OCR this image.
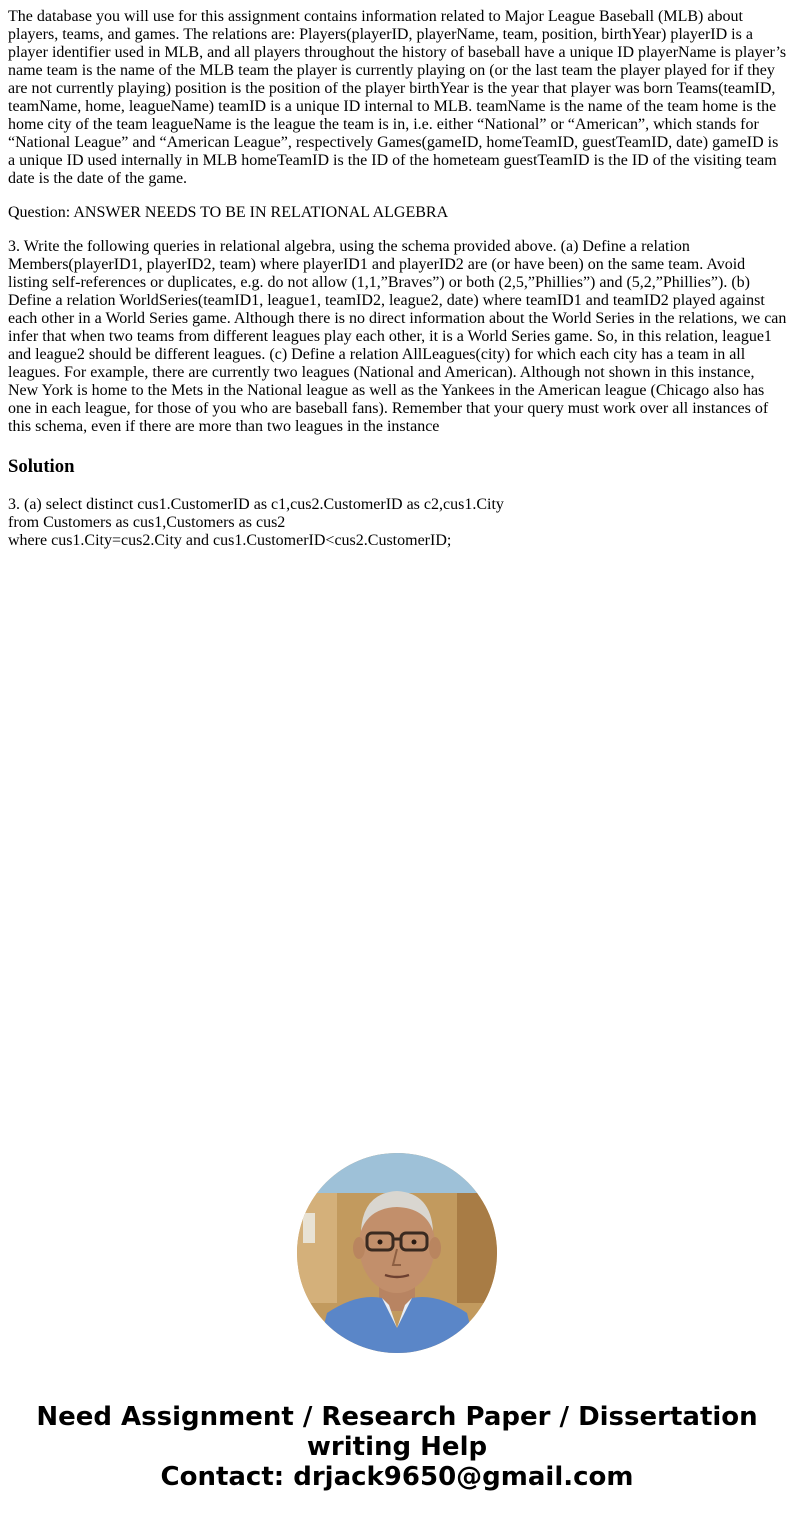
The database you will use for this assignment contains information related to Major League Baseball (MLB) about players, teams, and games. The relations are: Players(playerID, playerName, team, position, birthYear) playerID is a player identifier used in MLB, and all players throughout the history of baseball have a unique ID playerName is player’s name team is the name of the MLB team the player is currently playing on (or the last team the player played for if they are not currently playing) position is the position of the player birthYear is the year that player was born Teams(teamID, teamName, home, leagueName) teamID is a unique ID internal to MLB. teamName is the name of the team home is the home city of the team leagueName is the league the team is in, i.e. either “National” or “American”, which stands for “National League” and “American League”, respectively Games(gameID, homeTeamID, guestTeamID, date) gameID is a unique ID used internally in MLB homeTeamID is the ID of the hometeam guestTeamID is the ID of the visiting team date is the date of the game.

Question: ANSWER NEEDS TO BE IN RELATIONAL ALGEBRA

3. Write the following queries in relational algebra, using the schema provided above. (a) Define a relation Members(playerID1, playerID2, team) where playerID1 and playerID2 are (or have been) on the same team. Avoid listing self-references or duplicates, e.g. do not allow (1,1,”Braves”) or both (2,5,”Phillies”) and (5,2,”Phillies”). (b) Define a relation WorldSeries(teamID1, league1, teamID2, league2, date) where teamID1 and teamID2 played against each other in a World Series game. Although there is no direct information about the World Series in the relations, we can infer that when two teams from different leagues play each other, it is a World Series game. So, in this relation, league1 and league2 should be different leagues. (c) Define a relation AllLeagues(city) for which each city has a team in all leagues. For example, there are currently two leagues (National and American). Although not shown in this instance, New York is home to the Mets in the National league as well as the Yankees in the American league (Chicago also has one in each league, for those of you who are baseball fans). Remember that your query must work over all instances of this schema, even if there are more than two leagues in the instance

Solution
3. (a) select distinct cus1.CustomerID as c1,cus2.CustomerID as c2,cus1.City
from Customers as cus1,Customers as cus2
where cus1.City=cus2.City and cus1.CustomerID<cus2.CustomerID;
Need Assignment / Research Paper / Dissertation
writing Help
Contact: drjack9650@gmail.com
